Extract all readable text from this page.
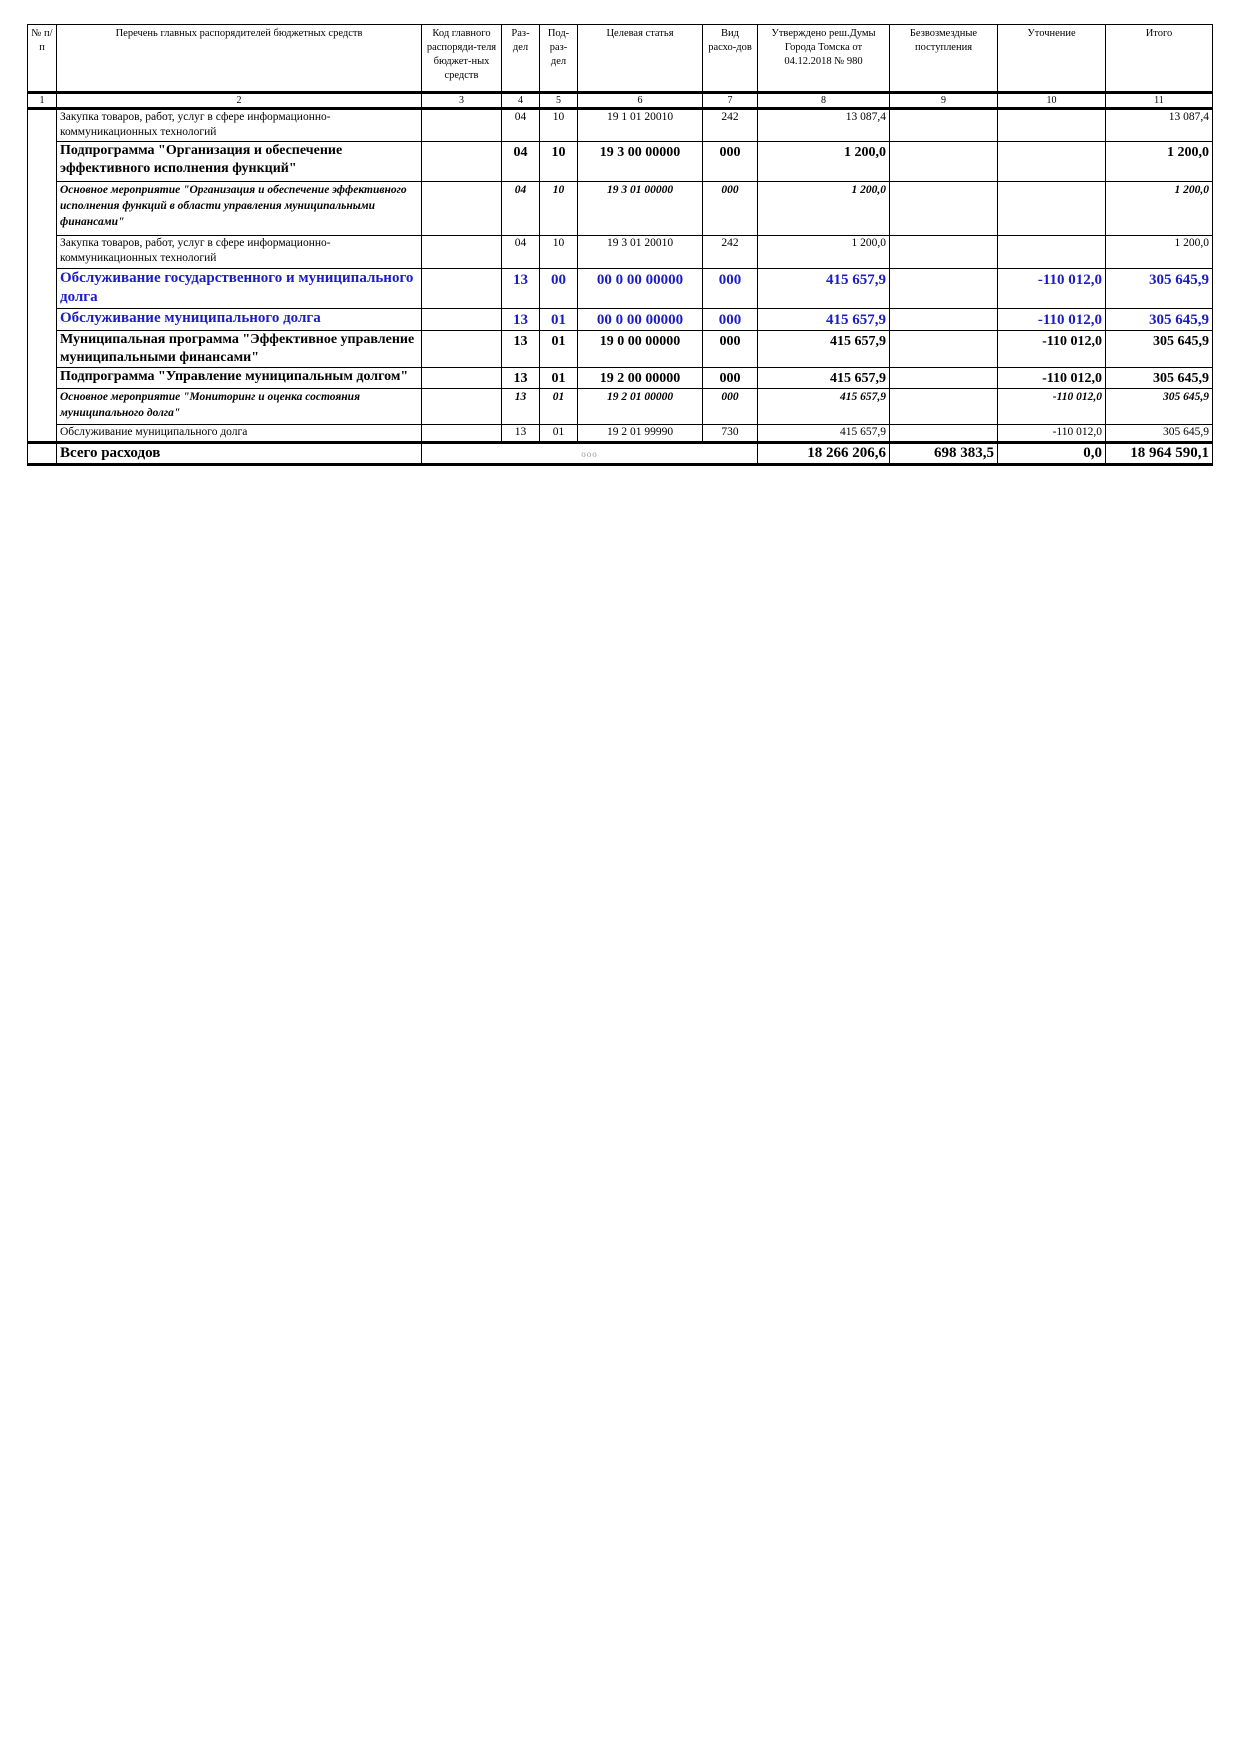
№ п/п	Перечень главных распорядителей бюджетных средств	Код главного распоряди-теля бюджет-ных средств	Раз-дел	Под-раз-дел	Целевая статья	Вид расхо-дов	Утверждено реш.Думы Города Томска от 04.12.2018 № 980	Безвозмездные поступления	Уточнение	Итого
1	2	3	4	5	6	7	8	9	10	11
	Закупка товаров, работ, услуг в сфере информационно-коммуникационных технологий		04	10	19 1 01 20010	242	13 087,4			13 087,4
	Подпрограмма "Организация и обеспечение эффективного исполнения функций"		04	10	19 3 00 00000	000	1 200,0			1 200,0
	Основное мероприятие "Организация и обеспечение эффективного исполнения функций в области управления муниципальными финансами"		04	10	19 3 01 00000	000	1 200,0			1 200,0
	Закупка товаров, работ, услуг в сфере информационно-коммуникационных технологий		04	10	19 3 01 20010	242	1 200,0			1 200,0
	Обслуживание государственного и муниципального долга		13	00	00 0 00 00000	000	415 657,9		-110 012,0	305 645,9
	Обслуживание муниципального долга		13	01	00 0 00 00000	000	415 657,9		-110 012,0	305 645,9
	Муниципальная программа "Эффективное управление муниципальными финансами"		13	01	19 0 00 00000	000	415 657,9		-110 012,0	305 645,9

	Подпрограмма "Управление муниципальным долгом"		13	01	19 2 00 00000	000	415 657,9		-110 012,0	305 645,9
	Основное мероприятие "Мониторинг и оценка состояния муниципального долга"		13	01	19 2 01 00000	000	415 657,9		-110 012,0	305 645,9
	Обслуживание муниципального долга		13	01	19 2 01 99990	730	415 657,9		-110 012,0	305 645,9
	Всего расходов	ооо					18 266 206,6	698 383,5	0,0	18 964 590,1
